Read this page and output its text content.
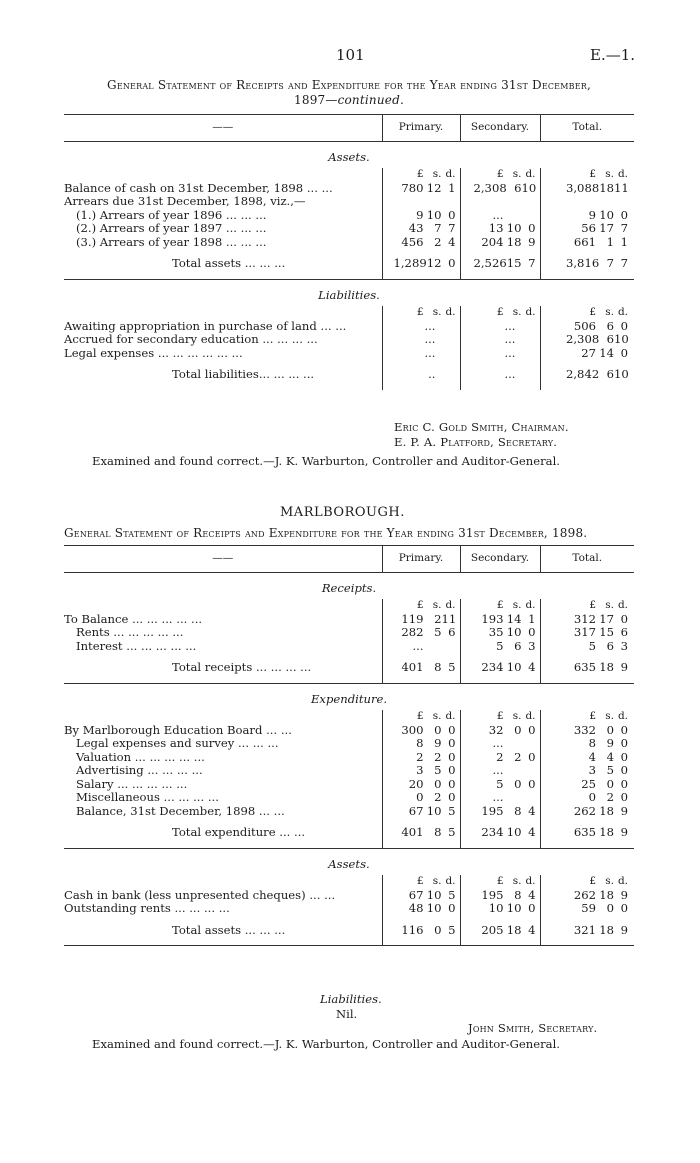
101	E.—1.
General Statement of Receipts and Expenditure for the Year ending 31st December,
1897—continued.
——	Primary.	Secondary.	Total.
Assets.			
	£ s. d.	£ s. d.	£ s. d.
Balance of cash on 31st December, 1898 ... ...	780 12 1	2,308 610	3,0881811
Arrears due 31st December, 1898, viz.,—			
(1.) Arrears of year 1896 ... ... ...	9 10 0	...	9 10 0
(2.) Arrears of year 1897 ... ... ...	43 7 7	13 10 0	56 17 7
(3.) Arrears of year 1898 ... ... ...	456 2 4	204 18 9	661 1 1
Total assets ... ... ...	1,28912 0	2,52615 7	3,816 7 7
Liabilities.			
	£ s. d.	£ s. d.	£ s. d.
Awaiting appropriation in purchase of land ... ...	...	...	506 6 0
Accrued for secondary education ... ... ... ...	...	...	2,308 610
Legal expenses ... ... ... ... ... ...	...	...	27 14 0
Total liabilities... ... ... ...	..	...	2,842 610
Eric C. Gold Smith, Chairman.
E. P. A. Platford, Secretary.
Examined and found correct.—J. K. Warburton, Controller and Auditor-General.
MARLBOROUGH.
General Statement of Receipts and Expenditure for the Year ending 31st December, 1898.
——	Primary.	Secondary.	Total.
Receipts.			
	£ s. d.	£ s. d.	£ s. d.
To Balance ... ... ... ... ...	119 211	193 14 1	312 17 0
Rents ... ... ... ... ...	282 5 6	35 10 0	317 15 6
Interest ... ... ... ... ...	...	5 6 3	5 6 3
Total receipts ... ... ... ...	401 8 5	234 10 4	635 18 9
Expenditure.			
	£ s. d.	£ s. d.	£ s. d.
By Marlborough Education Board ... ...	300 0 0	32 0 0	332 0 0
Legal expenses and survey ... ... ...	8 9 0	...	8 9 0
Valuation ... ... ... ... ...	2 2 0	2 2 0	4 4 0
Advertising ... ... ... ...	3 5 0	...	3 5 0
Salary ... ... ... ... ...	20 0 0	5 0 0	25 0 0
Miscellaneous ... ... ... ...	0 2 0	...	0 2 0
Balance, 31st December, 1898 ... ...	67 10 5	195 8 4	262 18 9
Total expenditure ... ...	401 8 5	234 10 4	635 18 9
Assets.			
	£ s. d.	£ s. d.	£ s. d.
Cash in bank (less unpresented cheques) ... ...	67 10 5	195 8 4	262 18 9
Outstanding rents ... ... ... ...	48 10 0	10 10 0	59 0 0
Total assets ... ... ...	116 0 5	205 18 4	321 18 9
Liabilities.
Nil.
John Smith, Secretary.
Examined and found correct.—J. K. Warburton, Controller and Auditor-General.
